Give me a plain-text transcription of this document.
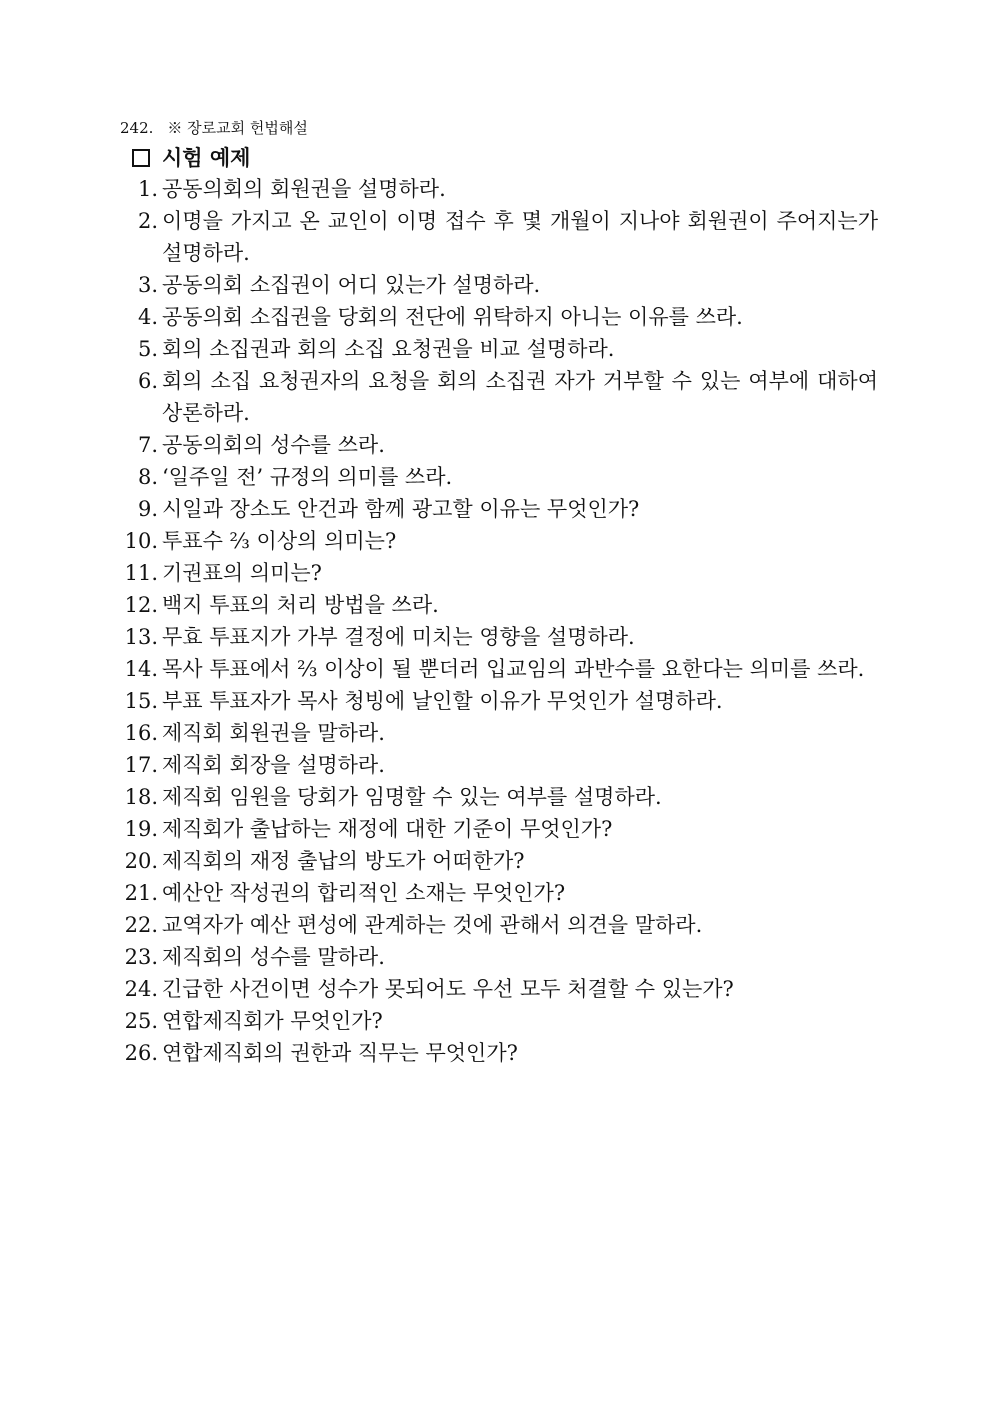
242. ※ 장로교회 헌법해설
시험 예제
1. 공동의회의 회원권을 설명하라.
2. 이명을 가지고 온 교인이 이명 접수 후 몇 개월이 지나야 회원권이 주어지는가 설명하라.
3. 공동의회 소집권이 어디 있는가 설명하라.
4. 공동의회 소집권을 당회의 전단에 위탁하지 아니는 이유를 쓰라.
5. 회의 소집권과 회의 소집 요청권을 비교 설명하라.
6. 회의 소집 요청권자의 요청을 회의 소집권 자가 거부할 수 있는 여부에 대하여 상론하라.
7. 공동의회의 성수를 쓰라.
8. ‘일주일 전’ 규정의 의미를 쓰라.
9. 시일과 장소도 안건과 함께 광고할 이유는 무엇인가?
10. 투표수 ⅔ 이상의 의미는?
11. 기권표의 의미는?
12. 백지 투표의 처리 방법을 쓰라.
13. 무효 투표지가 가부 결정에 미치는 영향을 설명하라.
14. 목사 투표에서 ⅔ 이상이 될 뿐더러 입교임의 과반수를 요한다는 의미를 쓰라.
15. 부표 투표자가 목사 청빙에 날인할 이유가 무엇인가 설명하라.
16. 제직회 회원권을 말하라.
17. 제직회 회장을 설명하라.
18. 제직회 임원을 당회가 임명할 수 있는 여부를 설명하라.
19. 제직회가 출납하는 재정에 대한 기준이 무엇인가?
20. 제직회의 재정 출납의 방도가 어떠한가?
21. 예산안 작성권의 합리적인 소재는 무엇인가?
22. 교역자가 예산 편성에 관계하는 것에 관해서 의견을 말하라.
23. 제직회의 성수를 말하라.
24. 긴급한 사건이면 성수가 못되어도 우선 모두 처결할 수 있는가?
25. 연합제직회가 무엇인가?
26. 연합제직회의 권한과 직무는 무엇인가?
